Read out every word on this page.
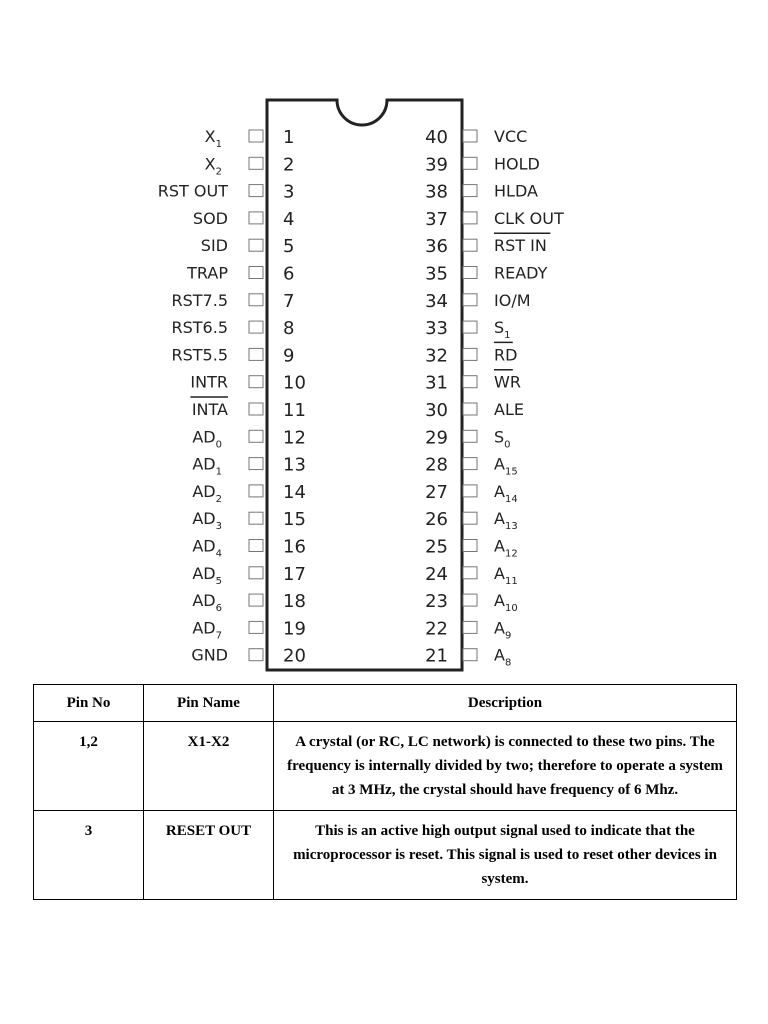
1
$X_1$
2
$X_2$
3
RST OUT
4
SOD
5
SID
6
TRAP
7
RST7.5
8
RST6.5
9
RST5.5
10
INTR
11
INTA
12
$AD_0$
13
$AD_1$
14
$AD_2$
15
$AD_3$
16
$AD_4$
17
$AD_5$
18
$AD_6$
19
$AD_7$
20
GND
40	VCC
39	HOLD
38	HLDA
37	CLK OUT
36	RST IN
35	READY
34	IO/M
33	$S_1$
32	RD
31	WR
30	ALE
29	$S_0$
28	$A_{15}$
27	$A_{14}$
26	$A_{13}$
25	$A_{12}$
24	$A_{11}$
23	$A_{10}$
22	$A_9$
21	$A_8$
Pin No	Pin Name	Description
1,2	X1-X2	A crystal (or RC, LC network) is connected to these two pins. The frequency is internally divided by two; therefore to operate a system at 3 MHz, the crystal should have frequency of 6 Mhz.
3	RESET OUT	This is an active high output signal used to indicate that the microprocessor is reset. This signal is used to reset other devices in system.
